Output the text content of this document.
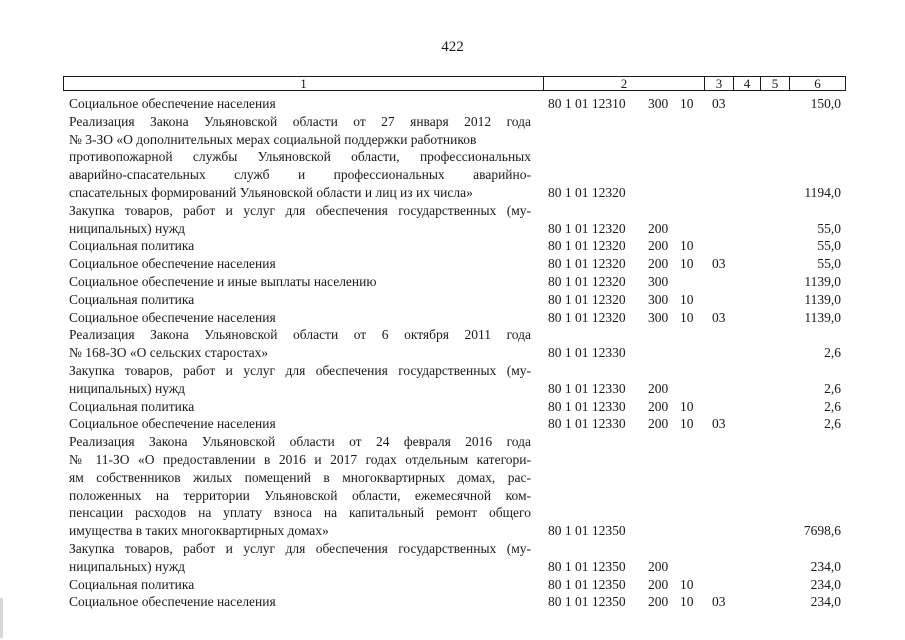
422
1	2	3	4	5	6
Социальное обеспечение населения	80 1 01 12310 300 10 03	150,0
Реализация Закона Ульяновской области от 27 января 2012 года
№ 3-ЗО «О дополнительных мерах социальной поддержки работников
противопожарной службы Ульяновской области, профессиональных
аварийно-спасательных служб и профессиональных аварийно-
спасательных формирований Ульяновской области и лиц из их числа»	80 1 01 12320	1194,0
Закупка товаров, работ и услуг для обеспечения государственных (му-
ниципальных) нужд	80 1 01 12320 200	55,0
Социальная политика	80 1 01 12320 200 10	55,0
Социальное обеспечение населения	80 1 01 12320 200 10 03	55,0
Социальное обеспечение и иные выплаты населению	80 1 01 12320 300	1139,0
Социальная политика	80 1 01 12320 300 10	1139,0
Социальное обеспечение населения	80 1 01 12320 300 10 03	1139,0
Реализация Закона Ульяновской области от 6 октября 2011 года
№ 168-ЗО «О сельских старостах»	80 1 01 12330	2,6
Закупка товаров, работ и услуг для обеспечения государственных (му-
ниципальных) нужд	80 1 01 12330 200	2,6
Социальная политика	80 1 01 12330 200 10	2,6
Социальное обеспечение населения	80 1 01 12330 200 10 03	2,6
Реализация Закона Ульяновской области от 24 февраля 2016 года
№ 11-ЗО «О предоставлении в 2016 и 2017 годах отдельным категори-
ям собственников жилых помещений в многоквартирных домах, рас-
положенных на территории Ульяновской области, ежемесячной ком-
пенсации расходов на уплату взноса на капитальный ремонт общего
имущества в таких многоквартирных домах»	80 1 01 12350	7698,6
Закупка товаров, работ и услуг для обеспечения государственных (му-
ниципальных) нужд	80 1 01 12350 200	234,0
Социальная политика	80 1 01 12350 200 10	234,0
Социальное обеспечение населения	80 1 01 12350 200 10 03	234,0
